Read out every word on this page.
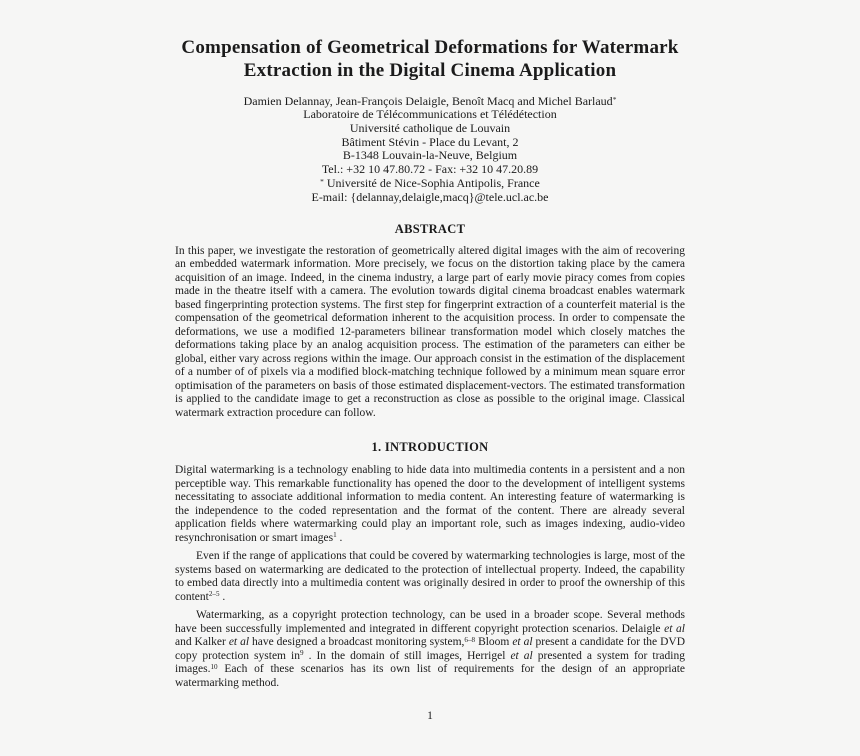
Compensation of Geometrical Deformations for Watermark
Extraction in the Digital Cinema Application
Damien Delannay, Jean-François Delaigle, Benoît Macq and Michel Barlaud*
Laboratoire de Télécommunications et Télédétection
Université catholique de Louvain
Bâtiment Stévin - Place du Levant, 2
B-1348 Louvain-la-Neuve, Belgium
Tel.: +32 10 47.80.72 - Fax: +32 10 47.20.89
* Université de Nice-Sophia Antipolis, France
E-mail: {delannay,delaigle,macq}@tele.ucl.ac.be
ABSTRACT

In this paper, we investigate the restoration of geometrically altered digital images with the aim of recovering an embedded watermark information. More precisely, we focus on the distortion taking place by the camera acquisition of an image. Indeed, in the cinema industry, a large part of early movie piracy comes from copies made in the theatre itself with a camera. The evolution towards digital cinema broadcast enables watermark based fingerprinting protection systems. The first step for fingerprint extraction of a counterfeit material is the compensation of the geometrical deformation inherent to the acquisition process. In order to compensate the deformations, we use a modified 12-parameters bilinear transformation model which closely matches the deformations taking place by an analog acquisition process. The estimation of the parameters can either be global, either vary across regions within the image. Our approach consist in the estimation of the displacement of a number of of pixels via a modified block-matching technique followed by a minimum mean square error optimisation of the parameters on basis of those estimated displacement-vectors. The estimated transformation is applied to the candidate image to get a reconstruction as close as possible to the original image. Classical watermark extraction procedure can follow.

1. INTRODUCTION

Digital watermarking is a technology enabling to hide data into multimedia contents in a persistent and a non perceptible way. This remarkable functionality has opened the door to the development of intelligent systems necessitating to associate additional information to media content. An interesting feature of watermarking is the independence to the coded representation and the format of the content. There are already several application fields where watermarking could play an important role, such as images indexing, audio-video resynchronisation or smart images$^1$ .

Even if the range of applications that could be covered by watermarking technologies is large, most of the systems based on watermarking are dedicated to the protection of intellectual property. Indeed, the capability to embed data directly into a multimedia content was originally desired in order to proof the ownership of this content$^{2-5}$ .

Watermarking, as a copyright protection technology, can be used in a broader scope. Several methods have been successfully implemented and integrated in different copyright protection scenarios. Delaigle et al and Kalker et al have designed a broadcast monitoring system,$^{6-8}$ Bloom et al present a candidate for the DVD copy protection system $in^9$ . In the domain of still images, Herrigel et al presented a system for trading images.$^{10}$ Each of these scenarios has its own list of requirements for the design of an appropriate watermarking method.

1
